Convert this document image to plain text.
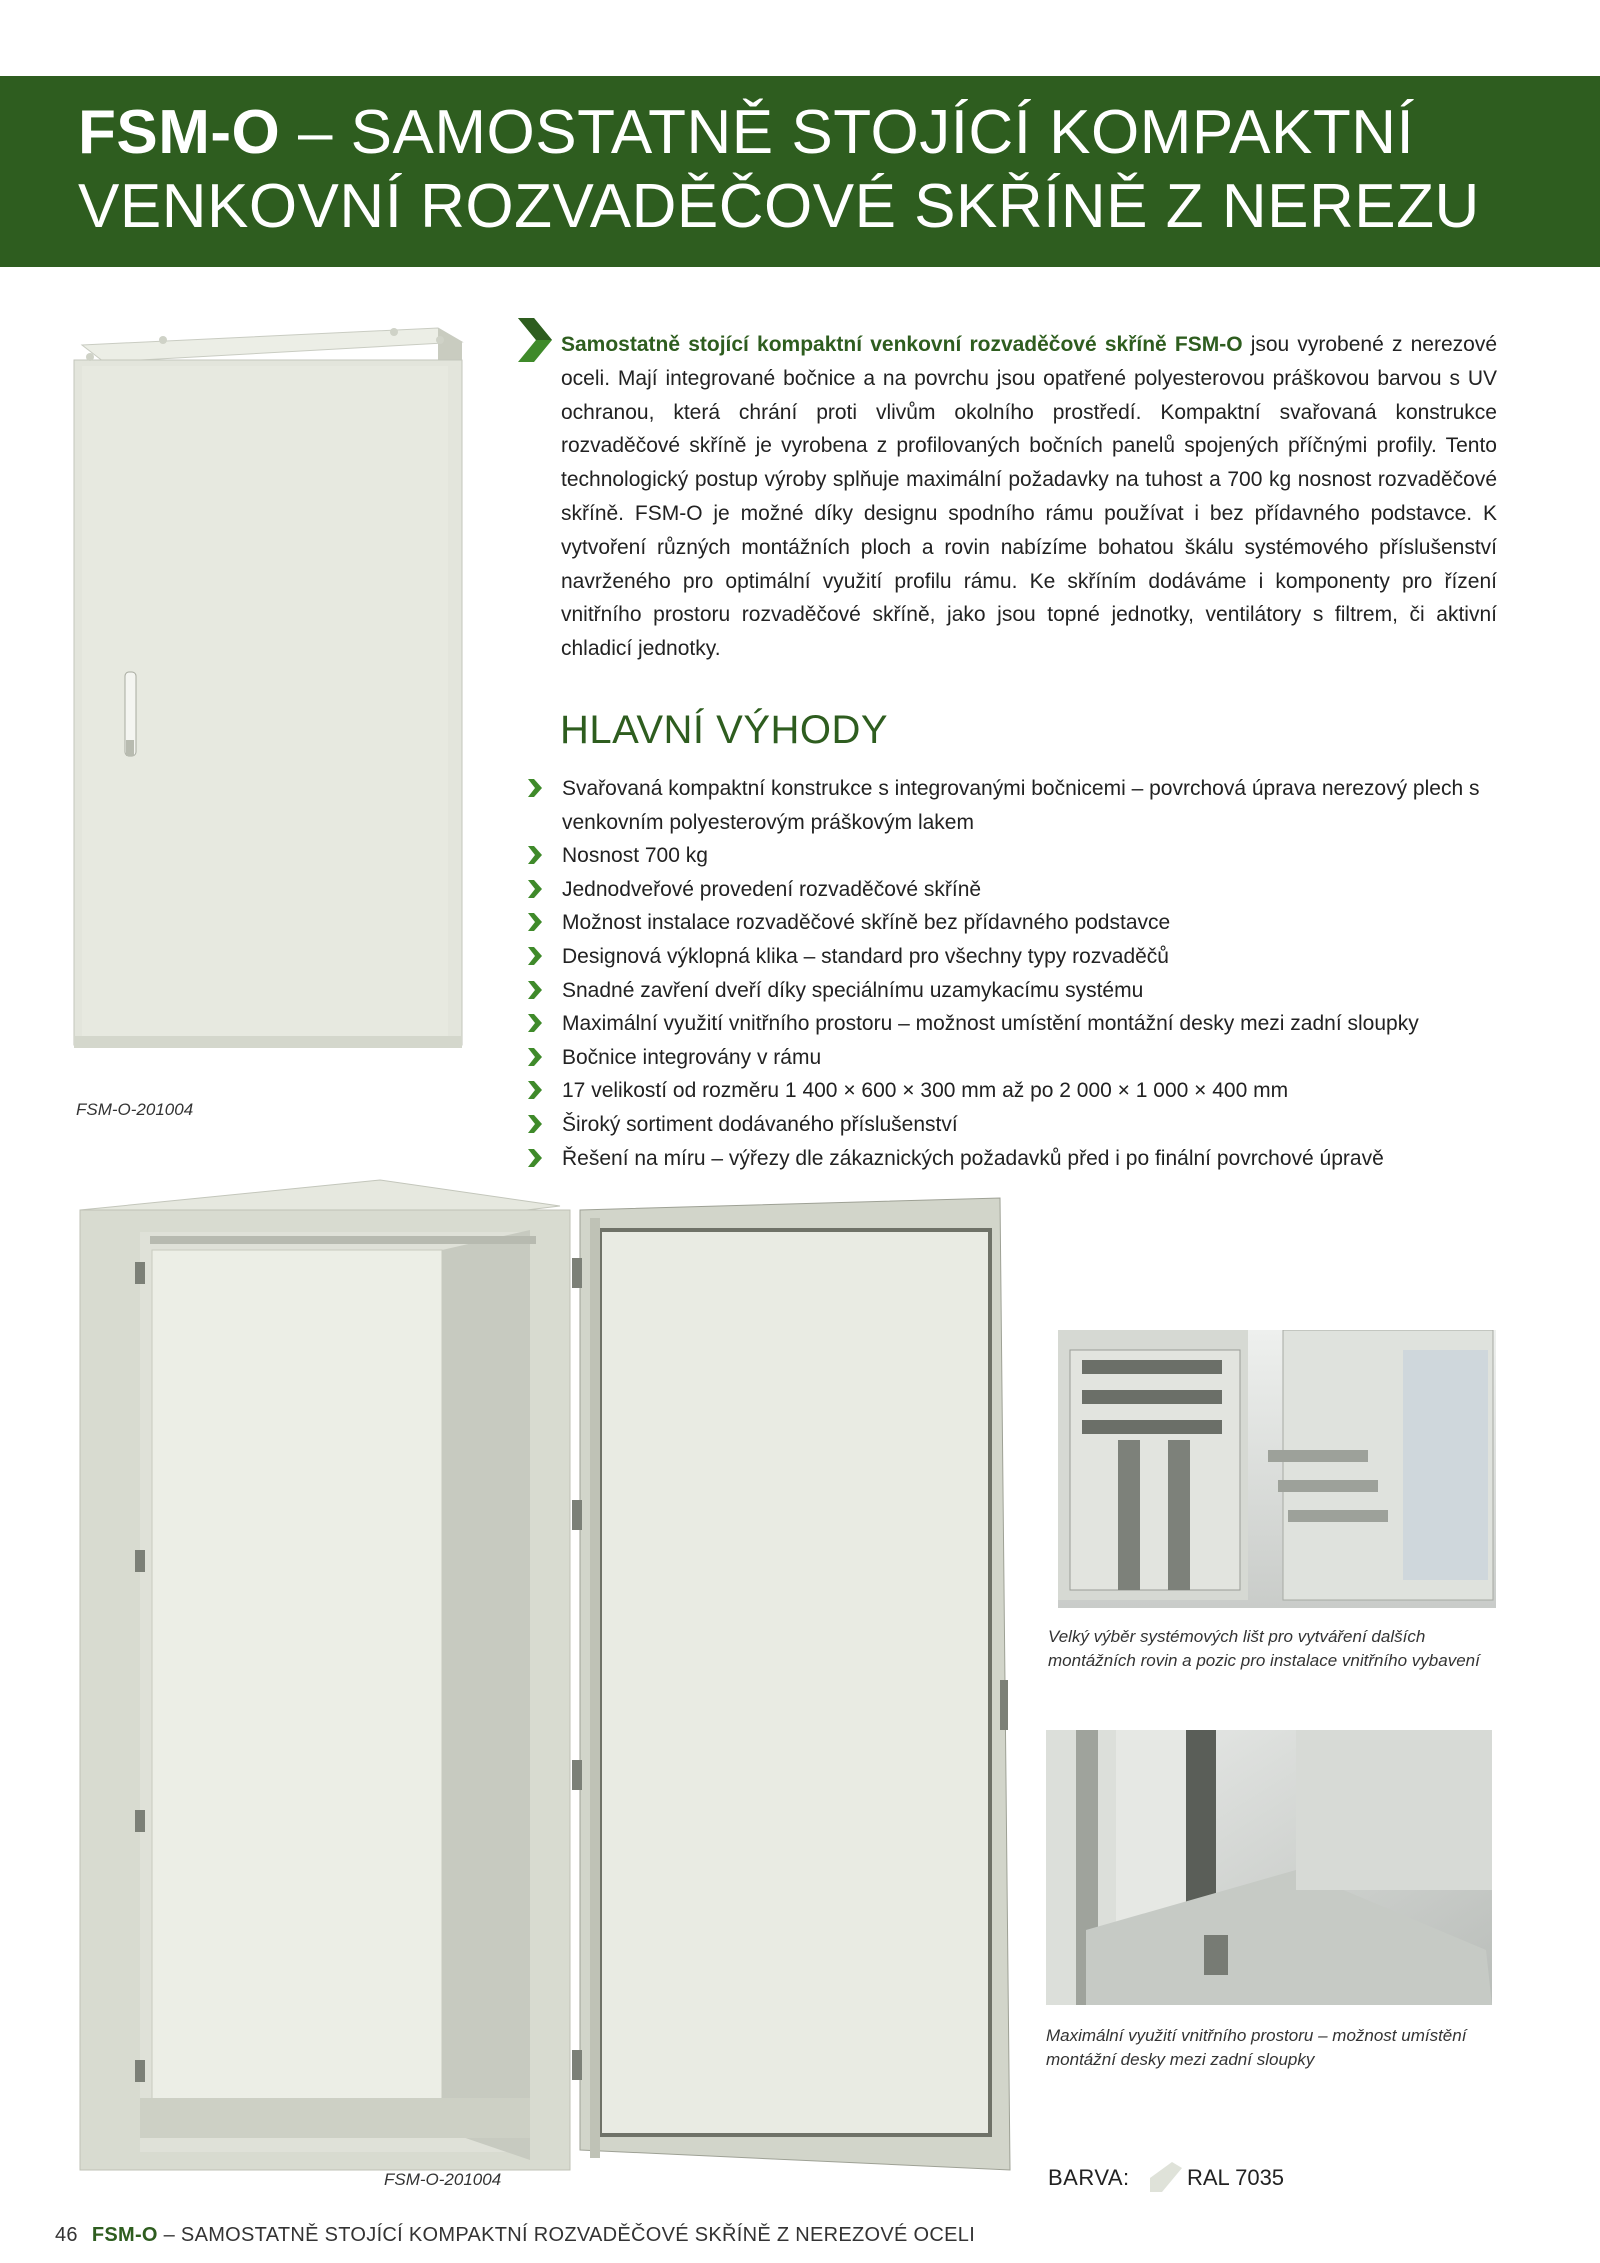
FSM-O – SAMOSTATNĚ STOJÍCÍ KOMPAKTNÍ
VENKOVNÍ ROZVADĚČOVÉ SKŘÍNĚ Z NEREZU
FSM-O-201004
Samostatně stojící kompaktní venkovní rozvaděčové skříně FSM-O jsou vyrobené z nerezové oceli. Mají integrované bočnice a na povrchu jsou opatřené polyesterovou práškovou barvou s UV ochranou, která chrání proti vlivům okolního prostředí. Kompaktní svařovaná konstrukce rozvaděčové skříně je vyrobena z profilovaných bočních panelů spojených příčnými profily. Tento technologický postup výroby splňuje maximální požadavky na tuhost a 700 kg nosnost rozvaděčové skříně. FSM-O je možné díky designu spodního rámu používat i bez přídavného podstavce. K vytvoření různých montážních ploch a rovin nabízíme bohatou škálu systémového příslušenství navrženého pro optimální využití profilu rámu. Ke skříním dodáváme i komponenty pro řízení vnitřního prostoru rozvaděčové skříně, jako jsou topné jednotky, ventilátory s filtrem, či aktivní chladicí jednotky.
HLAVNÍ VÝHODY
Svařovaná kompaktní konstrukce s integrovanými bočnicemi – povrchová úprava nerezový plech s venkovním polyesterovým práškovým lakem
Nosnost 700 kg
Jednodveřové provedení rozvaděčové skříně
Možnost instalace rozvaděčové skříně bez přídavného podstavce
Designová výklopná klika – standard pro všechny typy rozvaděčů
Snadné zavření dveří díky speciálnímu uzamykacímu systému
Maximální využití vnitřního prostoru – možnost umístění montážní desky mezi zadní sloupky
Bočnice integrovány v rámu
17 velikostí od rozměru 1 400 × 600 × 300 mm až po 2 000 × 1 000 × 400 mm
Široký sortiment dodávaného příslušenství
Řešení na míru – výřezy dle zákaznických požadavků před i po finální povrchové úpravě
FSM-O-201004
Velký výběr systémových lišt pro vytváření dalších montážních rovin a pozic pro instalace vnitřního vybavení
Maximální využití vnitřního prostoru – možnost umístění montážní desky mezi zadní sloupky
BARVA:	RAL 7035
46 FSM-O – SAMOSTATNĚ STOJÍCÍ KOMPAKTNÍ ROZVADĚČOVÉ SKŘÍNĚ Z NEREZOVÉ OCELI
